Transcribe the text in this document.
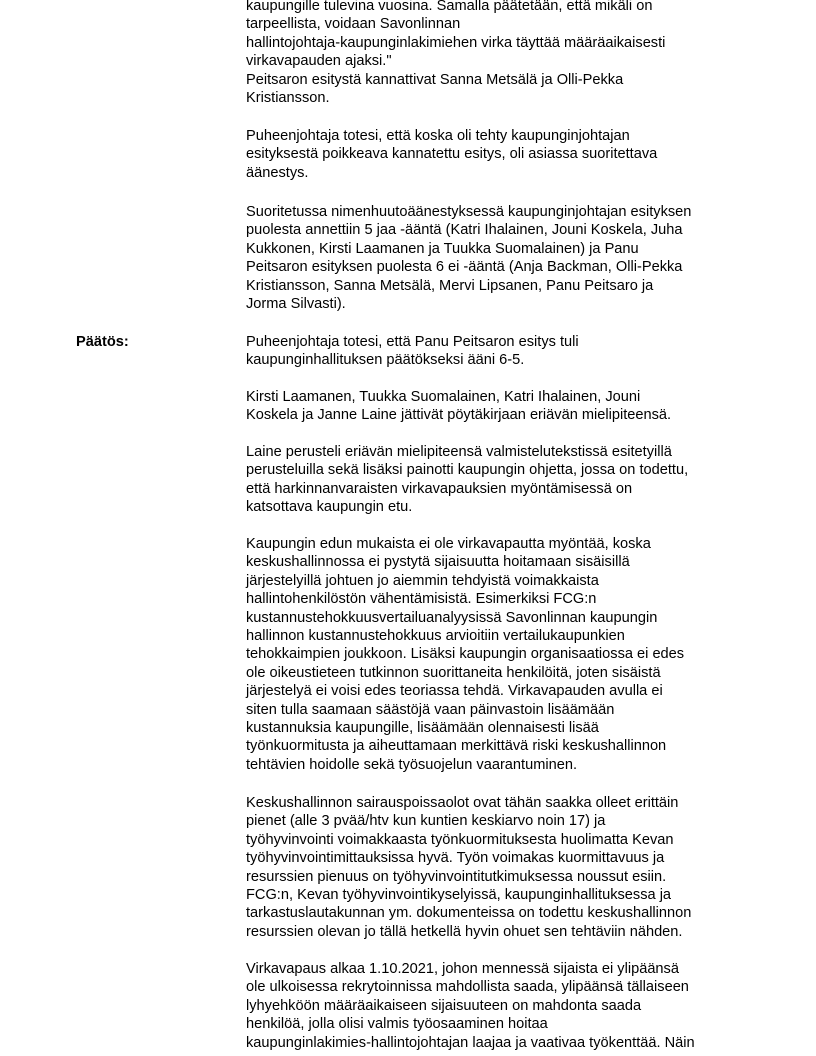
kaupungille tulevina vuosina. Samalla päätetään, että mikäli on
tarpeellista, voidaan Savonlinnan
hallintojohtaja-kaupunginlakimiehen virka täyttää määräaikaisesti
virkavapauden ajaksi."
Peitsaron esitystä kannattivat Sanna Metsälä ja Olli-Pekka
Kristiansson.

Puheenjohtaja totesi, että koska oli tehty kaupunginjohtajan
esityksestä poikkeava kannatettu esitys, oli asiassa suoritettava
äänestys.

Suoritetussa nimenhuutoäänestyksessä kaupunginjohtajan esityksen
puolesta annettiin 5 jaa -ääntä (Katri Ihalainen, Jouni Koskela, Juha
Kukkonen, Kirsti Laamanen ja Tuukka Suomalainen) ja Panu
Peitsaron esityksen puolesta 6 ei -ääntä (Anja Backman, Olli-Pekka
Kristiansson, Sanna Metsälä, Mervi Lipsanen, Panu Peitsaro ja
Jorma Silvasti).

Päätös:	Puheenjohtaja totesi, että Panu Peitsaron esitys tuli
kaupunginhallituksen päätökseksi ääni 6-5.

Kirsti Laamanen, Tuukka Suomalainen, Katri Ihalainen, Jouni
Koskela ja Janne Laine jättivät pöytäkirjaan eriävän mielipiteensä.

Laine perusteli eriävän mielipiteensä valmistelutekstissä esitetyillä
perusteluilla sekä lisäksi painotti kaupungin ohjetta, jossa on todettu,
että harkinnanvaraisten virkavapauksien myöntämisessä on
katsottava kaupungin etu.

Kaupungin edun mukaista ei ole virkavapautta myöntää, koska
keskushallinnossa ei pystytä sijaisuutta hoitamaan sisäisillä
järjestelyillä johtuen jo aiemmin tehdyistä voimakkaista
hallintohenkilöstön vähentämisistä. Esimerkiksi FCG:n
kustannustehokkuusvertailuanalyysissä Savonlinnan kaupungin
hallinnon kustannustehokkuus arvioitiin vertailukaupunkien
tehokkaimpien joukkoon. Lisäksi kaupungin organisaatiossa ei edes
ole oikeustieteen tutkinnon suorittaneita henkilöitä, joten sisäistä
järjestelyä ei voisi edes teoriassa tehdä. Virkavapauden avulla ei
siten tulla saamaan säästöjä vaan päinvastoin lisäämään
kustannuksia kaupungille, lisäämään olennaisesti lisää
työnkuormitusta ja aiheuttamaan merkittävä riski keskushallinnon
tehtävien hoidolle sekä työsuojelun vaarantuminen.

Keskushallinnon sairauspoissaolot ovat tähän saakka olleet erittäin
pienet (alle 3 pvää/htv kun kuntien keskiarvo noin 17) ja
työhyvinvointi voimakkaasta työnkuormituksesta huolimatta Kevan
työhyvinvointimittauksissa hyvä. Työn voimakas kuormittavuus ja
resurssien pienuus on työhyvinvointitutkimuksessa noussut esiin.
FCG:n, Kevan työhyvinvointikyselyissä, kaupunginhallituksessa ja
tarkastuslautakunnan ym. dokumenteissa on todettu keskushallinnon
resurssien olevan jo tällä hetkellä hyvin ohuet sen tehtäviin nähden.

Virkavapaus alkaa 1.10.2021, johon mennessä sijaista ei ylipäänsä
ole ulkoisessa rekrytoinnissa mahdollista saada, ylipäänsä tällaiseen
lyhyehköön määräaikaiseen sijaisuuteen on mahdonta saada
henkilöä, jolla olisi valmis työosaaminen hoitaa
kaupunginlakimies-hallintojohtajan laajaa ja vaativaa työkenttää. Näin
